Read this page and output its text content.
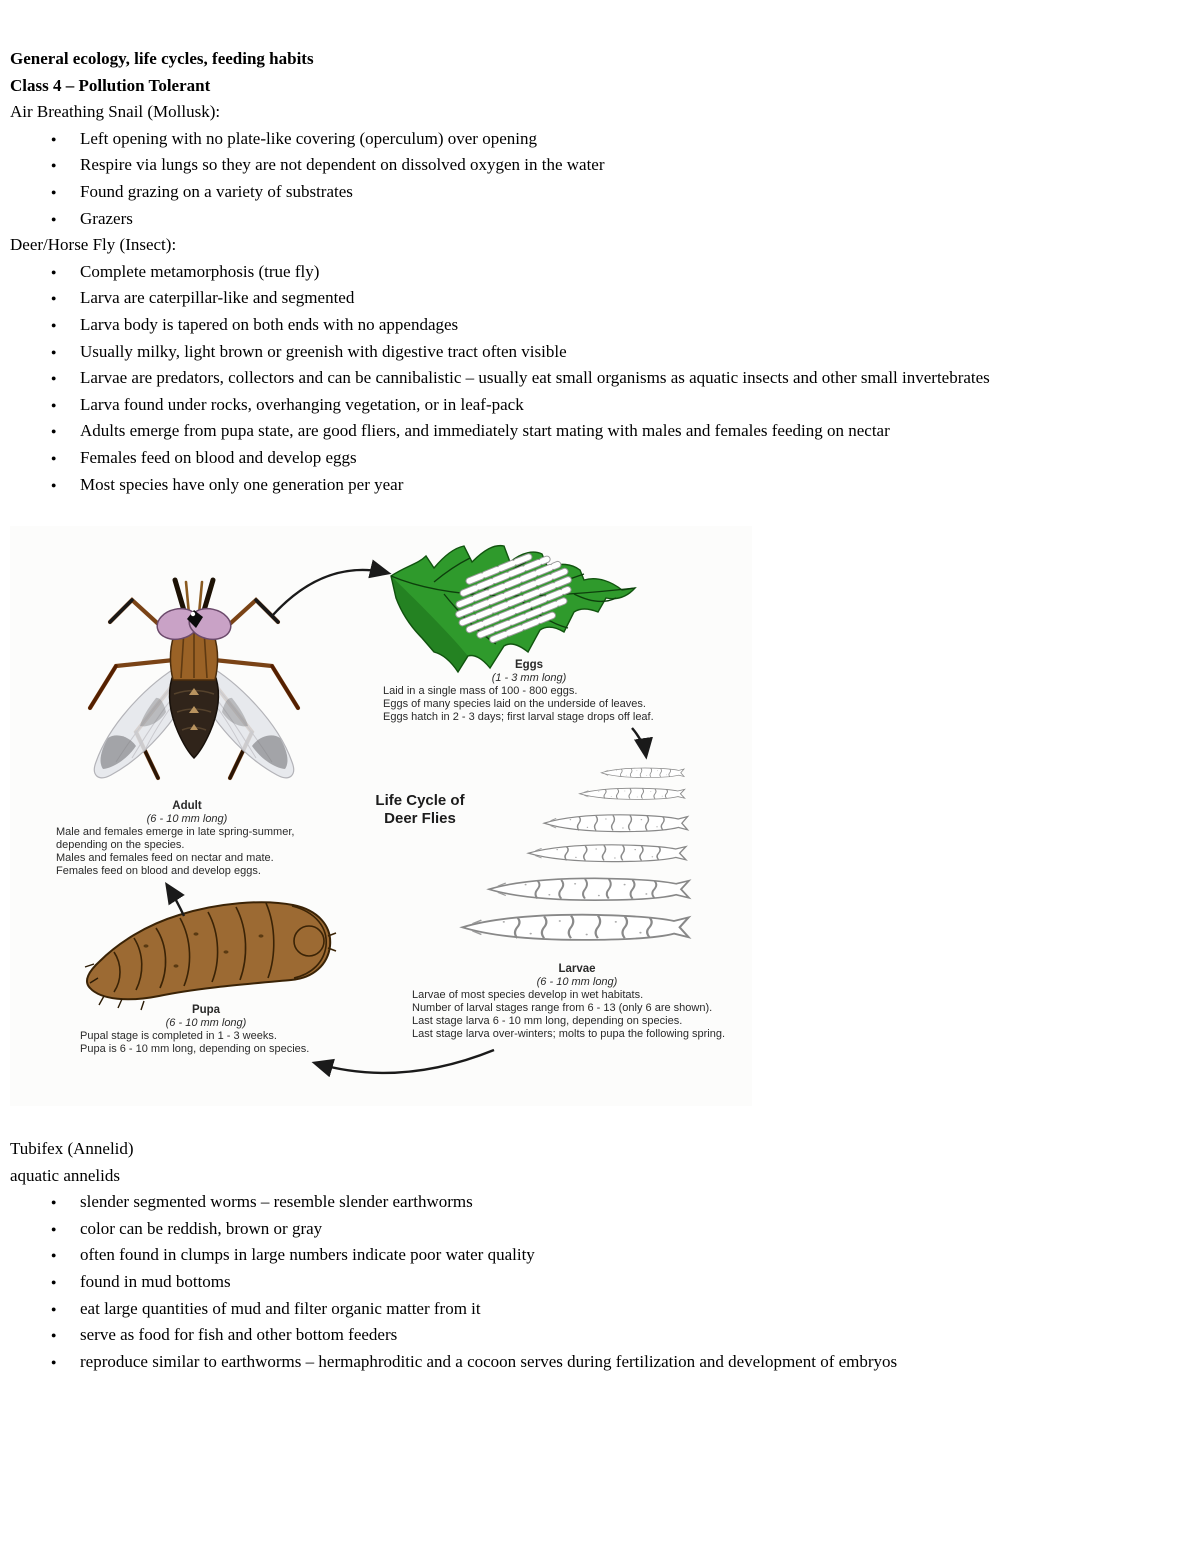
General ecology, life cycles, feeding habits
Class 4 – Pollution Tolerant
Air Breathing Snail (Mollusk):
● Left opening with no plate-like covering (operculum) over opening
● Respire via lungs so they are not dependent on dissolved oxygen in the water
● Found grazing on a variety of substrates
● Grazers
Deer/Horse Fly (Insect):
● Complete metamorphosis (true fly)
● Larva are caterpillar-like and segmented
● Larva body is tapered on both ends with no appendages
● Usually milky, light brown or greenish with digestive tract often visible
● Larvae are predators, collectors and can be cannibalistic – usually eat small organisms as aquatic insects and other small invertebrates
● Larva found under rocks, overhanging vegetation, or in leaf-pack
● Adults emerge from pupa state, are good fliers, and immediately start mating with males and females feeding on nectar
● Females feed on blood and develop eggs
● Most species have only one generation per year
Life Cycle of
Deer Flies
Eggs
(1 - 3 mm long)
Laid in a single mass of 100 - 800 eggs.
Eggs of many species laid on the underside of leaves.
Eggs hatch in 2 - 3 days; first larval stage drops off leaf.
Adult
(6 - 10 mm long)
Male and females emerge in late spring-summer,
depending on the species.
Males and females feed on nectar and mate.
Females feed on blood and develop eggs.
Larvae
(6 - 10 mm long)
Larvae of most species develop in wet habitats.
Number of larval stages range from 6 - 13 (only 6 are shown).
Last stage larva 6 - 10 mm long, depending on species.
Last stage larva over-winters; molts to pupa the following spring.
Pupa
(6 - 10 mm long)
Pupal stage is completed in 1 - 3 weeks.
Pupa is 6 - 10 mm long, depending on species.
Tubifex (Annelid)
aquatic annelids
● slender segmented worms – resemble slender earthworms
● color can be reddish, brown or gray
● often found in clumps in large numbers indicate poor water quality
● found in mud bottoms
● eat large quantities of mud and filter organic matter from it
● serve as food for fish and other bottom feeders
● reproduce similar to earthworms – hermaphroditic and a cocoon serves during fertilization and development of embryos
